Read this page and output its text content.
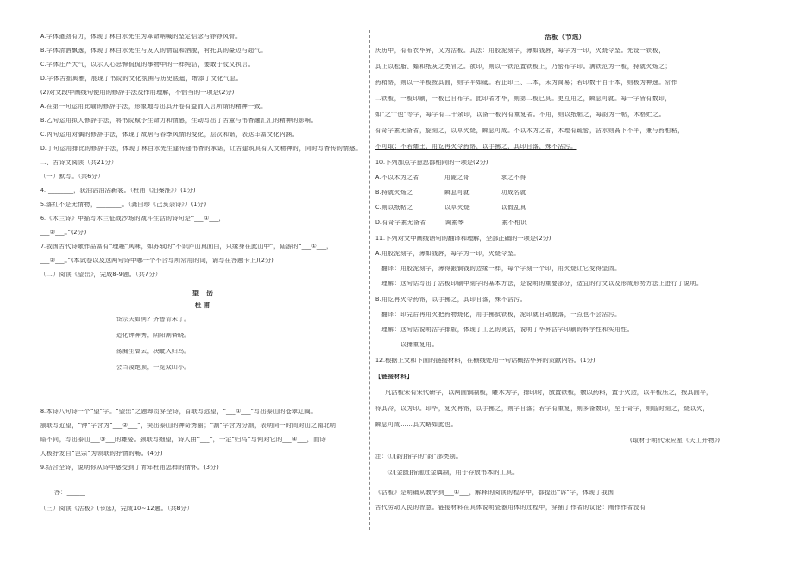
A.字体遒劲有力，体现了林白水先生为革命呐喊的坚定信念与铮铮风骨。
B.字体清洒飘逸，体现了林白水先生与友人的情谊和洒脱，衬托其的豪迈与超气。
C.字体庄严大气，以示人心忌惮侃侃的事物中的一样纯洁，要敢于仗义执言。
D.字体古拙典雅，展现了书院的文化氛围与历史底蕴，增添了文化气息。
(2)对文段中画线句使用的修辞手法及作用理解，不恰当的一项是(2分)
A.在第一句运用比喻的修辞手法，形象地写出其开卷有益而人言所谓的精神一致。
B.乙句运用拟人修辞手法，将书院赋予生命力和情感，生动写出了古童与书香融汇汇的精神的影响。
C.丙句运用对偶的修辞手法，体现了故居与春季风情的变化，层次和谐，表达丰富文化内涵。
D.丁句运用排比的修辞手法，体现了林白水先生建传递书香的承诺，让古建筑具有人文精神的，同时写香传的情感。
二、古诗文阅读（共21分）
（一）默写。（共6分）
4. ________，获泪沾泪沾新裳。（杜甫《泊秦淮》）(1分)
5.落红不是无情物，________。（龚自珍《己亥杂诗》）(1分)
6.《木兰诗》中描写木兰征战沙场的战斗生活的诗句是“___①___，
___②___。”(2分)
7.我国古代诗歌作品富有“理趣”风味，如苏轼的“不识庐山真面目，只缘身在此山中”，陆游的“___①___，
___②___。”(本试卷以及这两句诗中哪一个不合写所常用的词，请写在答题卡上)(2分)
（二）阅读《望岳》，完成8-9题。（共7分）
望　岳
杜 甫
岱宗夫如何？齐鲁青未了。
造化钟神秀，阴阳割昏晓。
荡胸生曾云，决眦入归鸟。
会当凌绝顶，一览众山小。
8.本诗八句诗一个“望”字。“望岳”之题却贯穿全诗，首联写远望，“___①___”写出泰山的苍翠辽阔。
颔联写近望，“钟”字含为“___②___”，突出泰山的神奇秀丽；“割”字含为分割，表明同一时间对山之南北明
暗不同，写出泰山___③___的雄姿。颈联写细望，诗人由“___”，一定“归鸟”写何对它的___④___，而诗
人极抒发目“岂宗”为领联的抒情的畅。(4分)
9.结合全诗，说明你从诗中感受到了青年杜甫怎样的情怀。(3分)
答：______
（三）阅读《活板》(节选)，完成10~12题。（共8分）
活板（节选）
庆历中，有布衣毕昇，又为活板。其法：用胶泥刻字，薄如钱唇，每字为一印，火烧令坚。先设一铁板，
其上以松脂、蜡和纸灰之类冒之。欲印，则以一铁范置铁板上，乃密布字印。满铁范为一板，持就火炀之；
药稍镕，则以一平板按其面，则字平如砥。若止印三、二本，未为简易；若印数十百千本，则极为神速。常作
二铁板，一板印刷，一板已自布字。此印者才毕，则第二板已具。更互用之，瞬息可就。每一字皆有数印，
如“之”“也”等字，每字有二十余印，以备一板内有重复者。不用，则以纸帖之，每韵为一帖，木格贮之。
有奇字素无备者，旋刻之，以草火烧，瞬息可成。不以木为之者，木理有疏密，沾水则高下不平，兼与药相粘，
不可取；不若燔土，用讫再火令药镕，以手拂之，其印自落，殊不沾污。
10.下列加点字意思都相同的一项是(2分)
A.不以木为之者　　　　用陇之哥　　　　　求之不得
B.持就火炀之　　　　　瞬息可就　　　　　功成名就
C.则以纸帖之　　　　　以草火烧　　　　　以假乱真
D.有奇字素无备者　　　调素琴　　　　　　素不相识
11.下列对文中画线语句的翻译和理解，全部正确的一项是(2分)
A.用胶泥刻字，薄如钱唇，每字为一印，火烧令坚。
　翻译：用胶泥刻字，薄得跟铜钱的边缘一样，每个字刻一个印，用火烧让它变得坚固。
　理解：这句话写出了活板印刷中刻字的基本方法，是说明的重要部分，适宜的行文以及形成形势方法上进行了说明。
B.用讫再火令药镕，以手拂之，其印自落，殊不沾污。
　翻译：印完后再用火把药物烧化，用手拂拭铁板，泥印就自动脱落，一点也不会沾污。
　理解：这句话说明活字排版，体现了工艺的灵活，说明了毕昇活字印刷的科学性和实用性。
　　　　以捶重复用。
12.根据上文和下面的链接材料，在横线处用一句话概括毕昇的贡献内容。(1分)
【链接材料】
凡活板宋有宋代研字，以两面铜制板，雕木为字，排印时，放置铁板，敷以药料，置于火边，以平板压之，按其面平，
待其冷，以为印。印毕，复火再镕，以手拂之，则字自落；若字有重复，则多备数印，至于奇字，则临时刻之，烧以火，
瞬息可成……其大略如此也。
(取材于明代宋应星《天工开物》)
注：①[韵]指字的“韵”部类别。
　　②[金匮]指通过金属制，用于存放书本的工具。
《活板》是明确从教学到___①___，解释的阅读的程序中，都提出“诉”字，体现了我国
古代劳动人民的智慧。链接材料在具体说明瓷器用体的过程中，穿插了作者的议论：阐作作者没有
